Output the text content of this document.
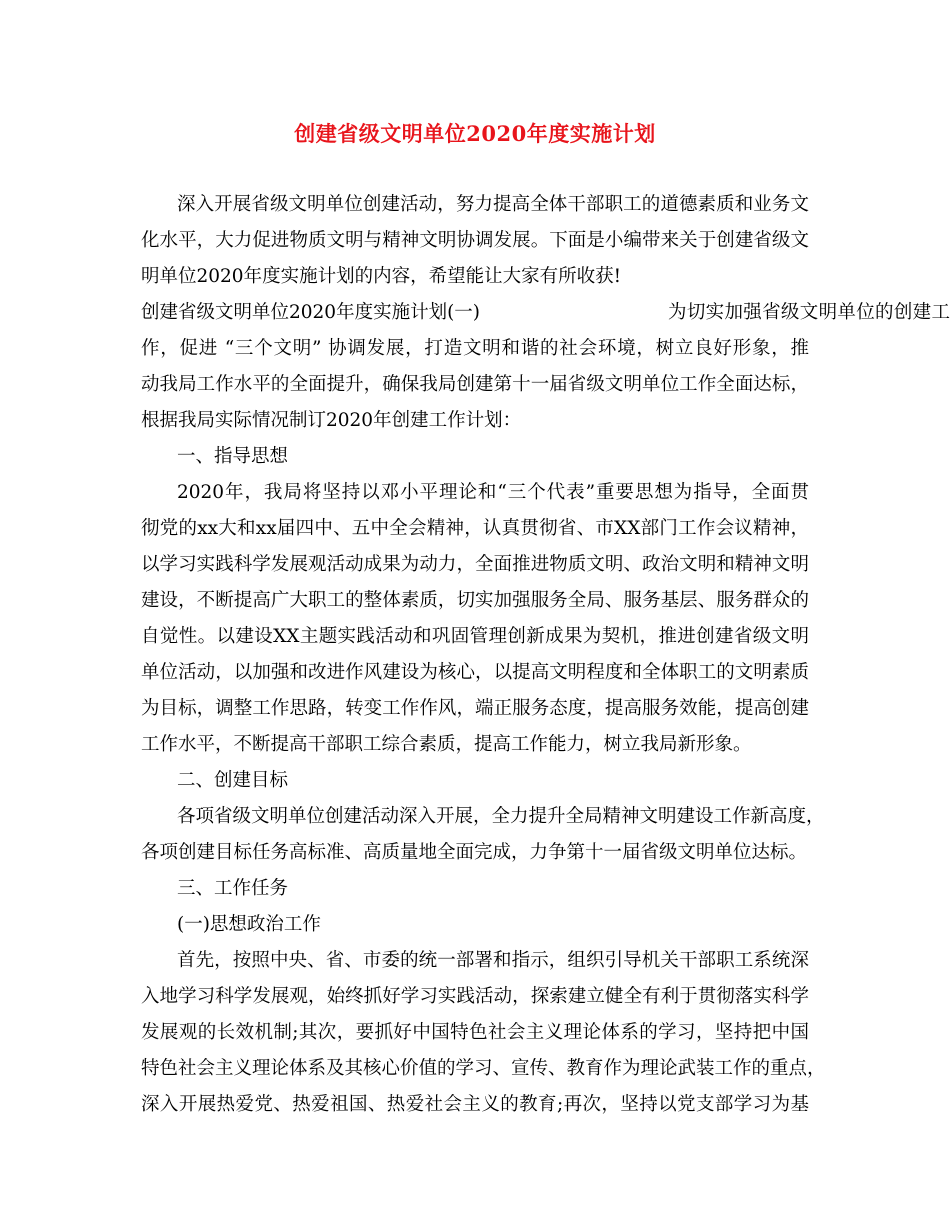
创建省级文明单位2020年度实施计划
深入开展省级文明单位创建活动，努力提高全体干部职工的道德素质和业务文
化水平，大力促进物质文明与精神文明协调发展。下面是小编带来关于创建省级文
明单位2020年度实施计划的内容，希望能让大家有所收获!
创建省级文明单位2020年度实施计划(一)	为切实加强省级文明单位的创建工
作，促进 “三个文明” 协调发展，打造文明和谐的社会环境，树立良好形象，推
动我局工作水平的全面提升，确保我局创建第十一届省级文明单位工作全面达标，
根据我局实际情况制订2020年创建工作计划：
一、指导思想
2020年，我局将坚持以邓小平理论和“三个代表”重要思想为指导，全面贯
彻党的xx大和xx届四中、五中全会精神，认真贯彻省、市XX部门工作会议精神，
以学习实践科学发展观活动成果为动力，全面推进物质文明、政治文明和精神文明
建设，不断提高广大职工的整体素质，切实加强服务全局、服务基层、服务群众的
自觉性。以建设XX主题实践活动和巩固管理创新成果为契机，推进创建省级文明
单位活动，以加强和改进作风建设为核心，以提高文明程度和全体职工的文明素质
为目标，调整工作思路，转变工作作风，端正服务态度，提高服务效能，提高创建
工作水平，不断提高干部职工综合素质，提高工作能力，树立我局新形象。
二、创建目标
各项省级文明单位创建活动深入开展，全力提升全局精神文明建设工作新高度，
各项创建目标任务高标准、高质量地全面完成，力争第十一届省级文明单位达标。
三、工作任务
(一)思想政治工作
首先，按照中央、省、市委的统一部署和指示，组织引导机关干部职工系统深
入地学习科学发展观，始终抓好学习实践活动，探索建立健全有利于贯彻落实科学
发展观的长效机制;其次，要抓好中国特色社会主义理论体系的学习，坚持把中国
特色社会主义理论体系及其核心价值的学习、宣传、教育作为理论武装工作的重点，
深入开展热爱党、热爱祖国、热爱社会主义的教育;再次，坚持以党支部学习为基
